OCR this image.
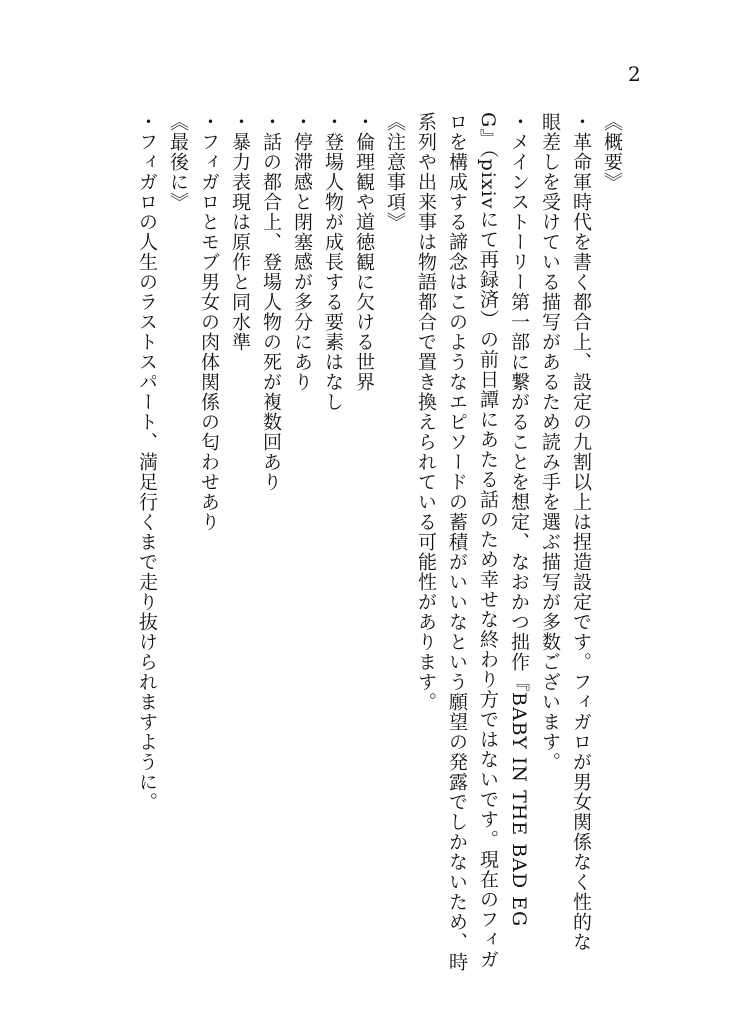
2
《概要》
・革命軍時代を書く都合上、設定の九割以上は捏造設定です。フィガロが男女関係なく性的な
眼差しを受けている描写があるため読み手を選ぶ描写が多数ございます。
・メインストーリー第一部に繋がることを想定、なおかつ拙作『BABY IN THE BAD EG
G』（pixivにて再録済）の前日譚にあたる話のため幸せな終わり方ではないです。現在のフィガ
ロを構成する諦念はこのようなエピソードの蓄積がいいなという願望の発露でしかないため、時
系列や出来事は物語都合で置き換えられている可能性があります。
《注意事項》
・倫理観や道徳観に欠ける世界
・登場人物が成長する要素はなし
・停滞感と閉塞感が多分にあり
・話の都合上、登場人物の死が複数回あり
・暴力表現は原作と同水準
・フィガロとモブ男女の肉体関係の匂わせあり
《最後に》
・フィガロの人生のラストスパート、満足行くまで走り抜けられますように。
